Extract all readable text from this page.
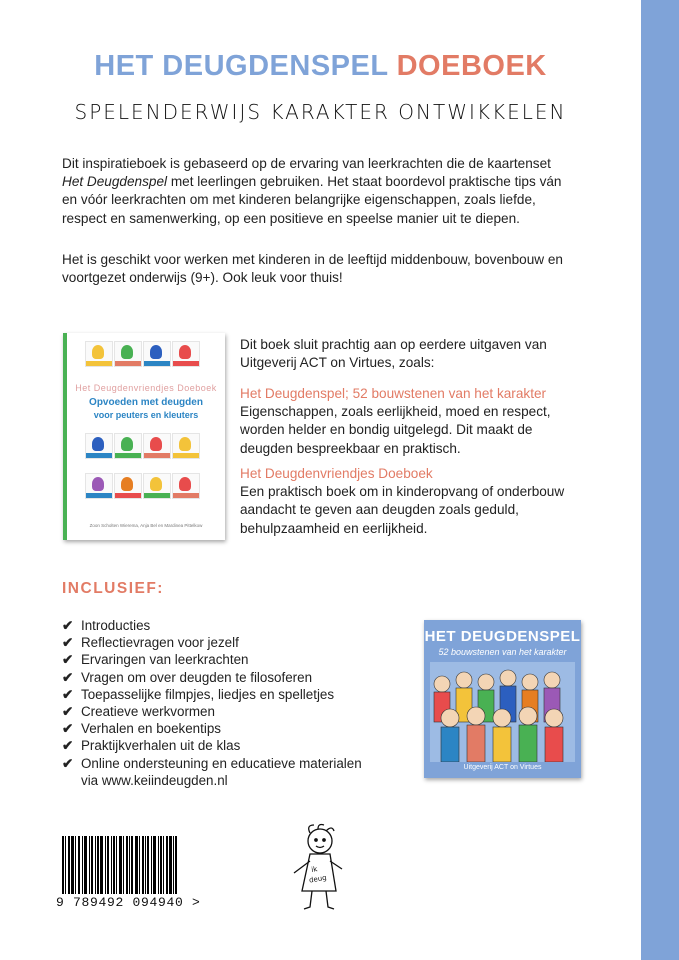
HET DEUGDENSPEL DOEBOEK
SPELENDERWIJS KARAKTER ONTWIKKELEN
Dit inspiratieboek is gebaseerd op de ervaring van leerkrachten die de kaartenset Het Deugdenspel met leerlingen gebruiken. Het staat boordevol praktische tips ván en vóór leerkrachten om met kinderen belangrijke eigenschappen, zoals liefde, respect en samenwerking, op een positieve en speelse manier uit te diepen.
Het is geschikt voor werken met kinderen in de leeftijd middenbouw, bovenbouw en voortgezet onderwijs (9+). Ook leuk voor thuis!
Het Deugdenvriendjes Doeboek
Opvoeden met deugden
voor peuters en kleuters
Zoon Scholten Wierema, Anja Bel en Mardinea Pittelkow
Dit boek sluit prachtig aan op eerdere uitgaven van Uitgeverij ACT on Virtues, zoals:
Het Deugdenspel; 52 bouwstenen van het karakter
Eigenschappen, zoals eerlijkheid, moed en respect, worden helder en bondig uitgelegd. Dit maakt de deugden bespreekbaar en praktisch.
Het Deugdenvriendjes Doeboek
Een praktisch boek om in kinderopvang of onderbouw aandacht te geven aan deugden zoals geduld, behulpzaamheid en eerlijkheid.
INCLUSIEF:
✔ Introducties
✔ Reflectievragen voor jezelf
✔ Ervaringen van leerkrachten
✔ Vragen om over deugden te filosoferen
✔ Toepasselijke filmpjes, liedjes en spelletjes
✔ Creatieve werkvormen
✔ Verhalen en boekentips
✔ Praktijkverhalen uit de klas
✔ Online ondersteuning en educatieve materialen
via www.keiindeugden.nl
HET DEUGDENSPEL
52 bouwstenen van het karakter
Uitgeverij ACT on Virtues
9 789492 094940 >
ik
deug
